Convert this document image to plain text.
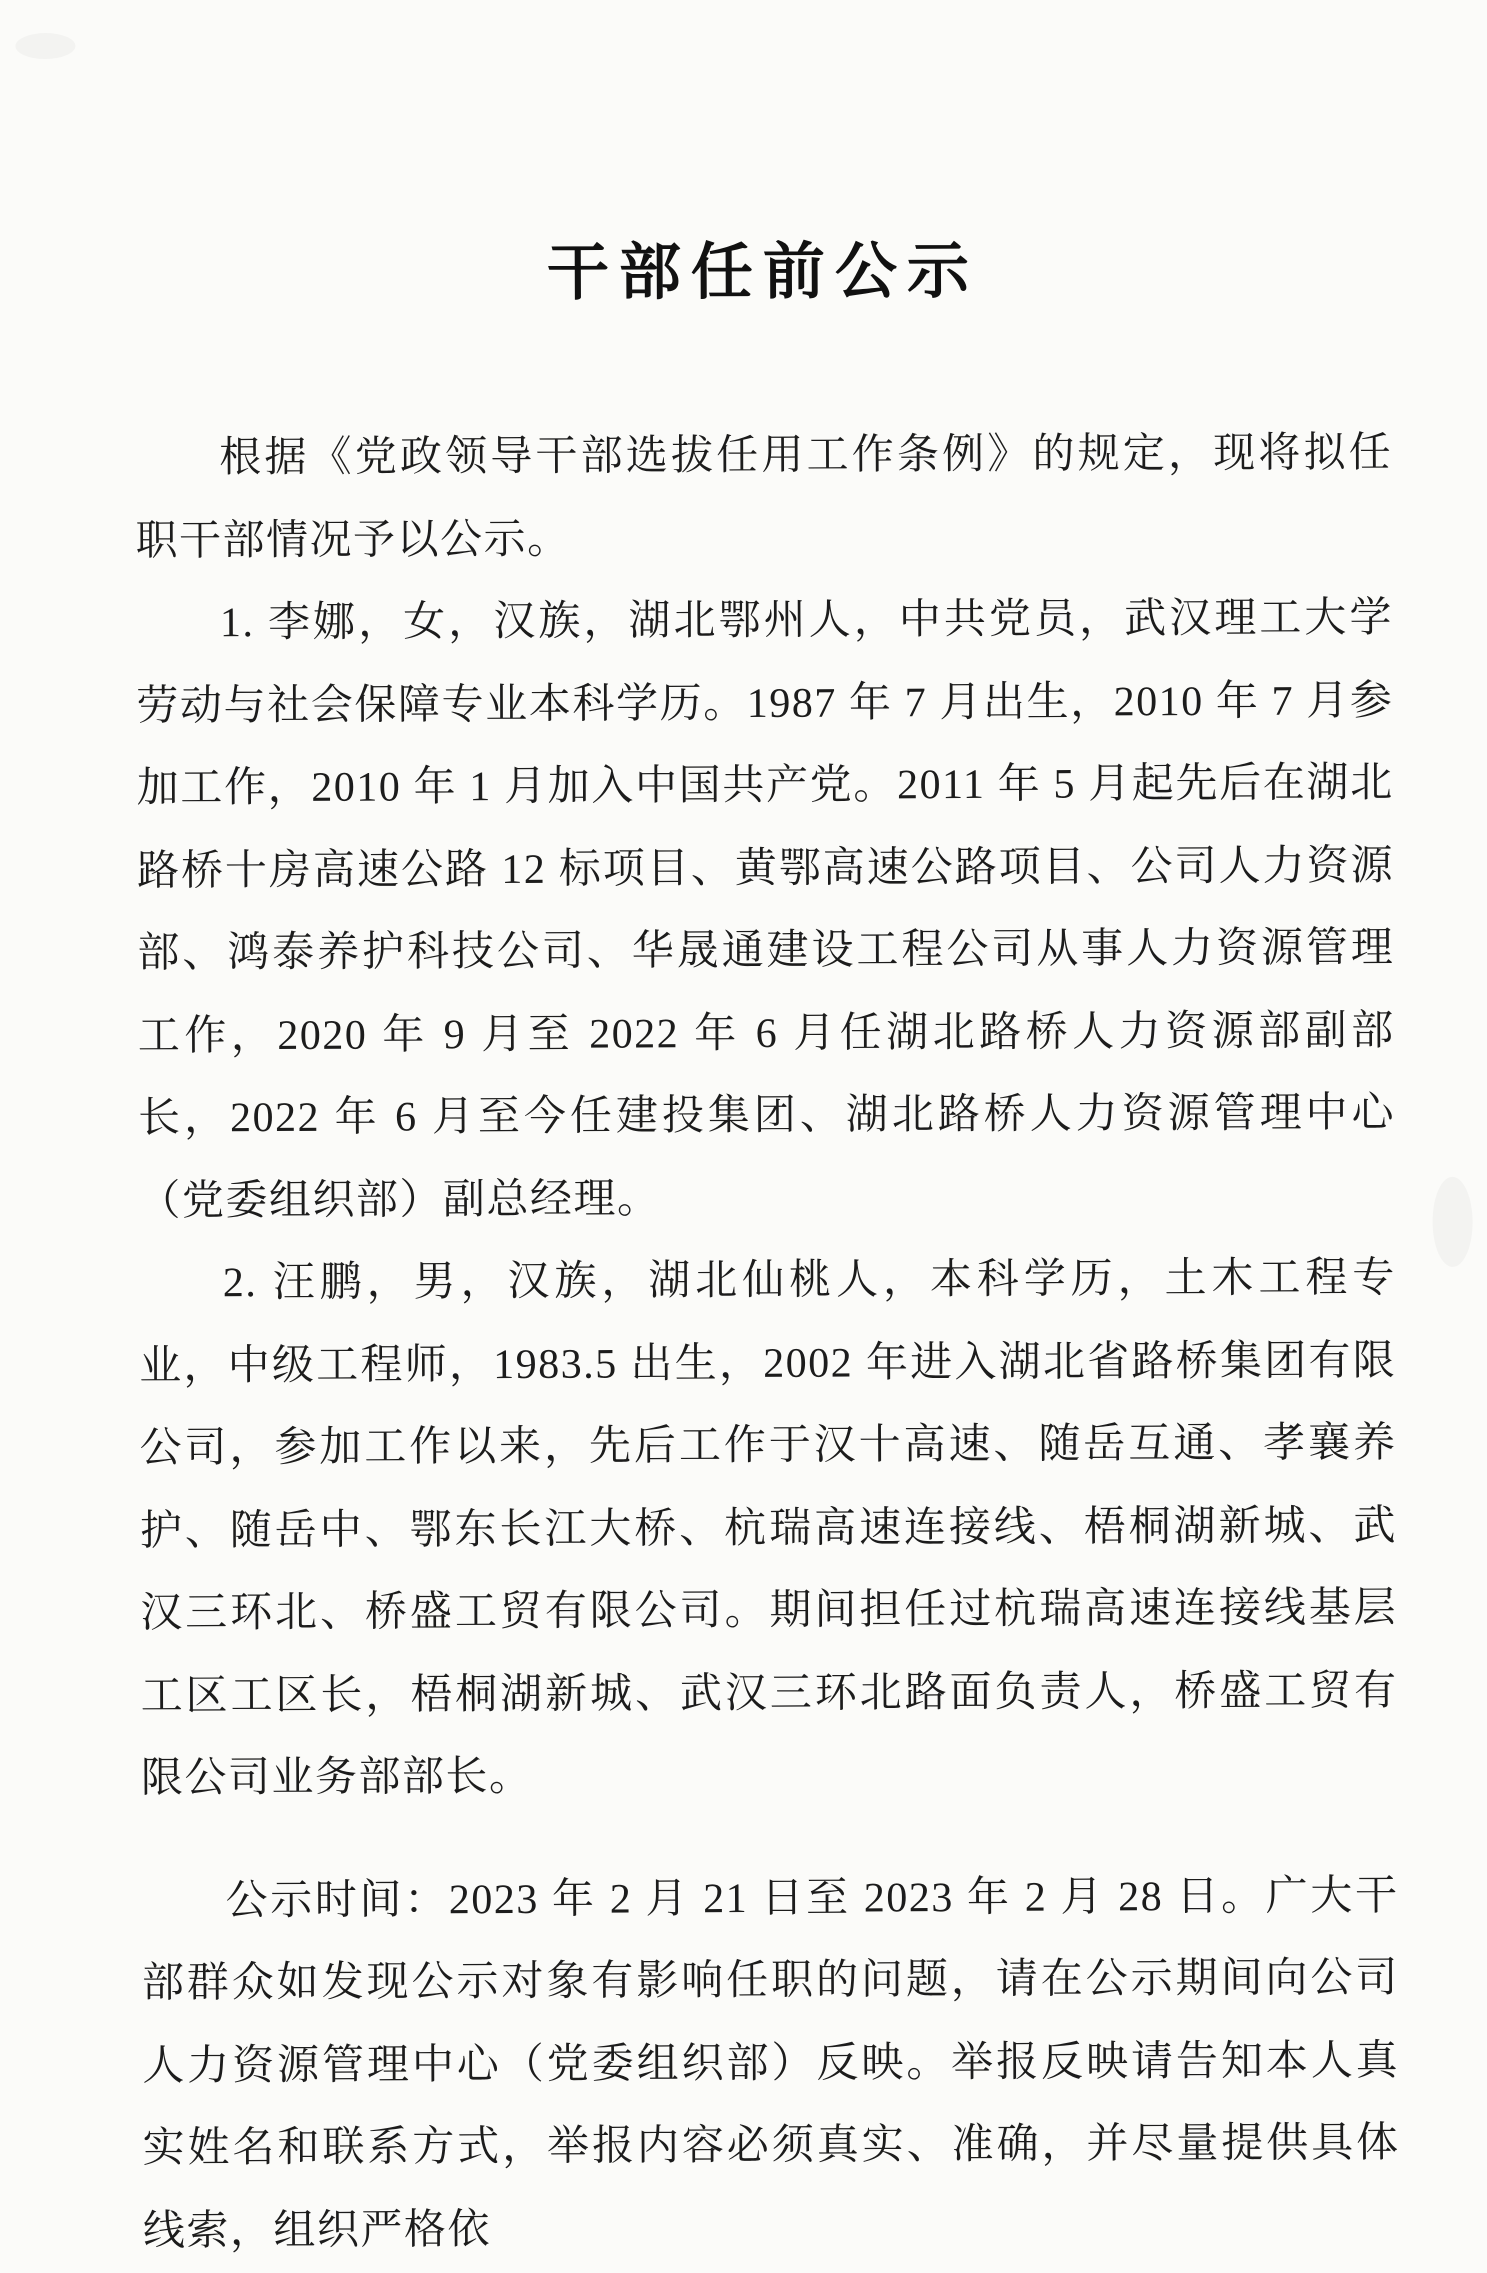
干部任前公示

根据《党政领导干部选拔任用工作条例》的规定，现将拟任职干部情况予以公示。

1. 李娜，女，汉族，湖北鄂州人，中共党员，武汉理工大学劳动与社会保障专业本科学历。1987 年 7 月出生，2010 年 7 月参加工作，2010 年 1 月加入中国共产党。2011 年 5 月起先后在湖北路桥十房高速公路 12 标项目、黄鄂高速公路项目、公司人力资源部、鸿泰养护科技公司、华晟通建设工程公司从事人力资源管理工作，2020 年 9 月至 2022 年 6 月任湖北路桥人力资源部副部长，2022 年 6 月至今任建投集团、湖北路桥人力资源管理中心（党委组织部）副总经理。

2. 汪鹏，男，汉族，湖北仙桃人，本科学历，土木工程专业，中级工程师，1983.5 出生，2002 年进入湖北省路桥集团有限公司，参加工作以来，先后工作于汉十高速、随岳互通、孝襄养护、随岳中、鄂东长江大桥、杭瑞高速连接线、梧桐湖新城、武汉三环北、桥盛工贸有限公司。期间担任过杭瑞高速连接线基层工区工区长，梧桐湖新城、武汉三环北路面负责人，桥盛工贸有限公司业务部部长。

公示时间：2023 年 2 月 21 日至 2023 年 2 月 28 日。广大干部群众如发现公示对象有影响任职的问题，请在公示期间向公司人力资源管理中心（党委组织部）反映。举报反映请告知本人真实姓名和联系方式，举报内容必须真实、准确，并尽量提供具体线索，组织严格依
